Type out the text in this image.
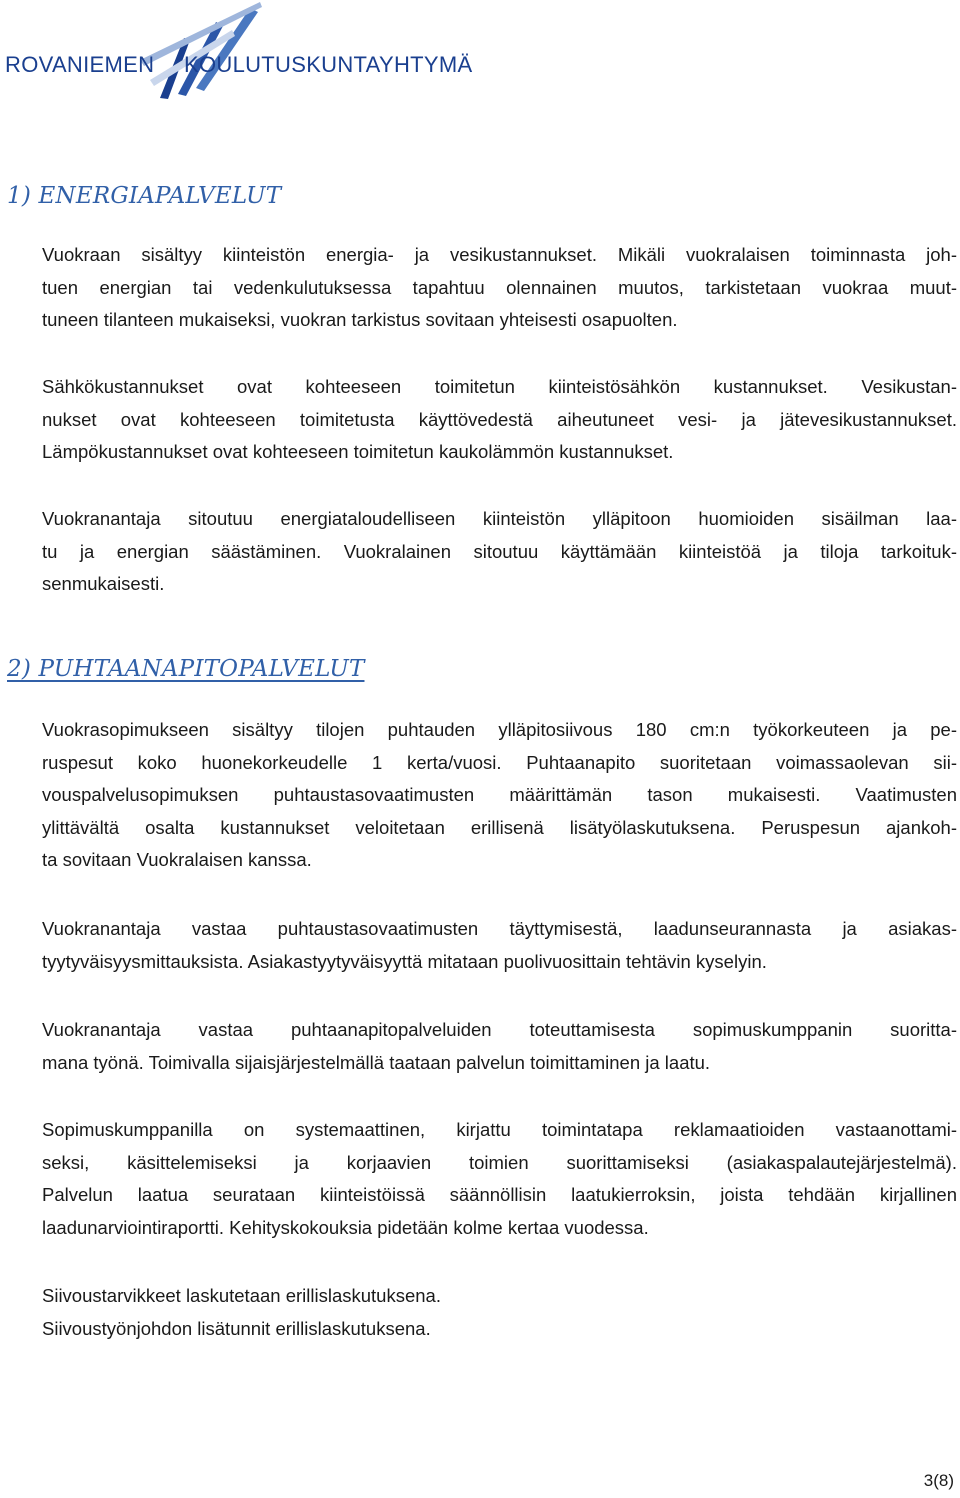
ROVANIEMEN KOULUTUSKUNTAYHTYMÄ
1) ENERGIAPALVELUT
Vuokraan sisältyy kiinteistön energia- ja vesikustannukset. Mikäli vuokralaisen toiminnasta joh-
tuen energian tai vedenkulutuksessa tapahtuu olennainen muutos, tarkistetaan vuokraa muut-
tuneen tilanteen mukaiseksi, vuokran tarkistus sovitaan yhteisesti osapuolten.
Sähkökustannukset ovat kohteeseen toimitetun kiinteistösähkön kustannukset. Vesikustan-
nukset ovat kohteeseen toimitetusta käyttövedestä aiheutuneet vesi- ja jätevesikustannukset.
Lämpökustannukset ovat kohteeseen toimitetun kaukolämmön kustannukset.
Vuokranantaja sitoutuu energiataloudelliseen kiinteistön ylläpitoon huomioiden sisäilman laa-
tu ja energian säästäminen. Vuokralainen sitoutuu käyttämään kiinteistöä ja tiloja tarkoituk-
senmukaisesti.
2) PUHTAANAPITOPALVELUT
Vuokrasopimukseen sisältyy tilojen puhtauden ylläpitosiivous 180 cm:n työkorkeuteen ja pe-
ruspesut koko huonekorkeudelle 1 kerta/vuosi. Puhtaanapito suoritetaan voimassaolevan sii-
vouspalvelusopimuksen puhtaustasovaatimusten määrittämän tason mukaisesti. Vaatimusten
ylittävältä osalta kustannukset veloitetaan erillisenä lisätyölaskutuksena. Peruspesun ajankoh-
ta sovitaan Vuokralaisen kanssa.
Vuokranantaja vastaa puhtaustasovaatimusten täyttymisestä, laadunseurannasta ja asiakas-
tyytyväisyysmittauksista. Asiakastyytyväisyyttä mitataan puolivuosittain tehtävin kyselyin.
Vuokranantaja vastaa puhtaanapitopalveluiden toteuttamisesta sopimuskumppanin suoritta-
mana työnä. Toimivalla sijaisjärjestelmällä taataan palvelun toimittaminen ja laatu.
Sopimuskumppanilla on systemaattinen, kirjattu toimintatapa reklamaatioiden vastaanottami-
seksi, käsittelemiseksi ja korjaavien toimien suorittamiseksi (asiakaspalautejärjestelmä).
Palvelun laatua seurataan kiinteistöissä säännöllisin laatukierroksin, joista tehdään kirjallinen
laadunarviointiraportti. Kehityskokouksia pidetään kolme kertaa vuodessa.
Siivoustarvikkeet laskutetaan erillislaskutuksena.
Siivoustyönjohdon lisätunnit erillislaskutuksena.
3(8)
